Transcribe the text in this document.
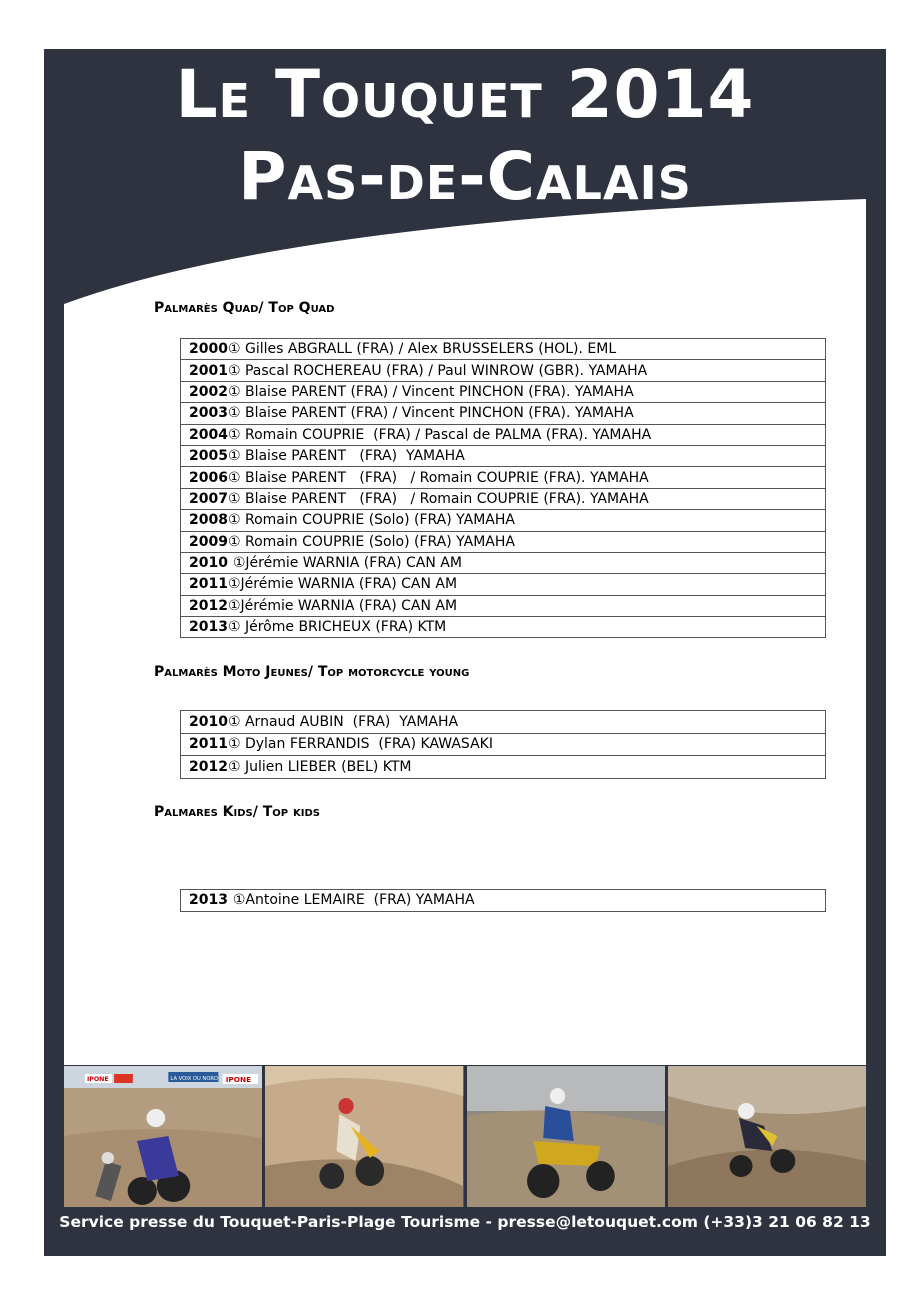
Le Touquet 2014
Pas-de-Calais
Palmarès Quad/ Top Quad
2000① Gilles ABGRALL (FRA) / Alex BRUSSELERS (HOL). EML
2001① Pascal ROCHEREAU (FRA) / Paul WINROW (GBR). YAMAHA
2002① Blaise PARENT (FRA) / Vincent PINCHON (FRA). YAMAHA
2003① Blaise PARENT (FRA) / Vincent PINCHON (FRA). YAMAHA
2004① Romain COUPRIE  (FRA) / Pascal de PALMA (FRA). YAMAHA
2005① Blaise PARENT   (FRA)  YAMAHA
2006① Blaise PARENT   (FRA)   / Romain COUPRIE (FRA). YAMAHA
2007① Blaise PARENT   (FRA)   / Romain COUPRIE (FRA). YAMAHA
2008① Romain COUPRIE (Solo) (FRA) YAMAHA
2009① Romain COUPRIE (Solo) (FRA) YAMAHA
2010 ①Jérémie WARNIA (FRA) CAN AM
2011①Jérémie WARNIA (FRA) CAN AM
2012①Jérémie WARNIA (FRA) CAN AM
2013① Jérôme BRICHEUX (FRA) KTM
Palmarès Moto Jeunes/ Top motorcycle young
2010① Arnaud AUBIN  (FRA)  YAMAHA
2011① Dylan FERRANDIS  (FRA) KAWASAKI
2012① Julien LIEBER (BEL) KTM
Palmares Kids/ Top kids
2013 ①Antoine LEMAIRE  (FRA) YAMAHA
IPONE	LA VOIX DU NORD IPONE
Service presse du Touquet-Paris-Plage Tourisme - presse@letouquet.com (+33)3 21 06 82 13
